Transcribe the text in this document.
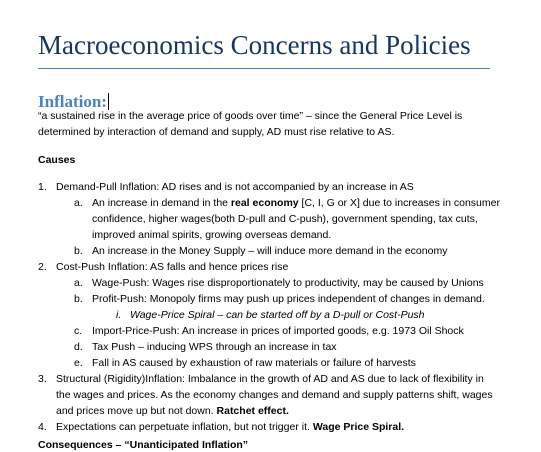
Macroeconomics Concerns and Policies
Inflation:
“a sustained rise in the average price of goods over time” – since the General Price Level is
determined by interaction of demand and supply, AD must rise relative to AS.
Causes
1. Demand-Pull Inflation: AD rises and is not accompanied by an increase in AS
a. An increase in demand in the real economy [C, I, G or X] due to increases in consumer
confidence, higher wages(both D-pull and C-push), government spending, tax cuts,
improved animal spirits, growing overseas demand.
b. An increase in the Money Supply – will induce more demand in the economy
2. Cost-Push Inflation: AS falls and hence prices rise
a. Wage-Push: Wages rise disproportionately to productivity, may be caused by Unions
b. Profit-Push: Monopoly firms may push up prices independent of changes in demand.
i. Wage-Price Spiral – can be started off by a D-pull or Cost-Push
c. Import-Price-Push: An increase in prices of imported goods, e.g. 1973 Oil Shock
d. Tax Push – inducing WPS through an increase in tax
e. Fall in AS caused by exhaustion of raw materials or failure of harvests
3. Structural (Rigidity)Inflation: Imbalance in the growth of AD and AS due to lack of flexibility in
the wages and prices. As the economy changes and demand and supply patterns shift, wages
and prices move up but not down. Ratchet effect.
4. Expectations can perpetuate inflation, but not trigger it. Wage Price Spiral.
Consequences – “Unanticipated Inflation”
